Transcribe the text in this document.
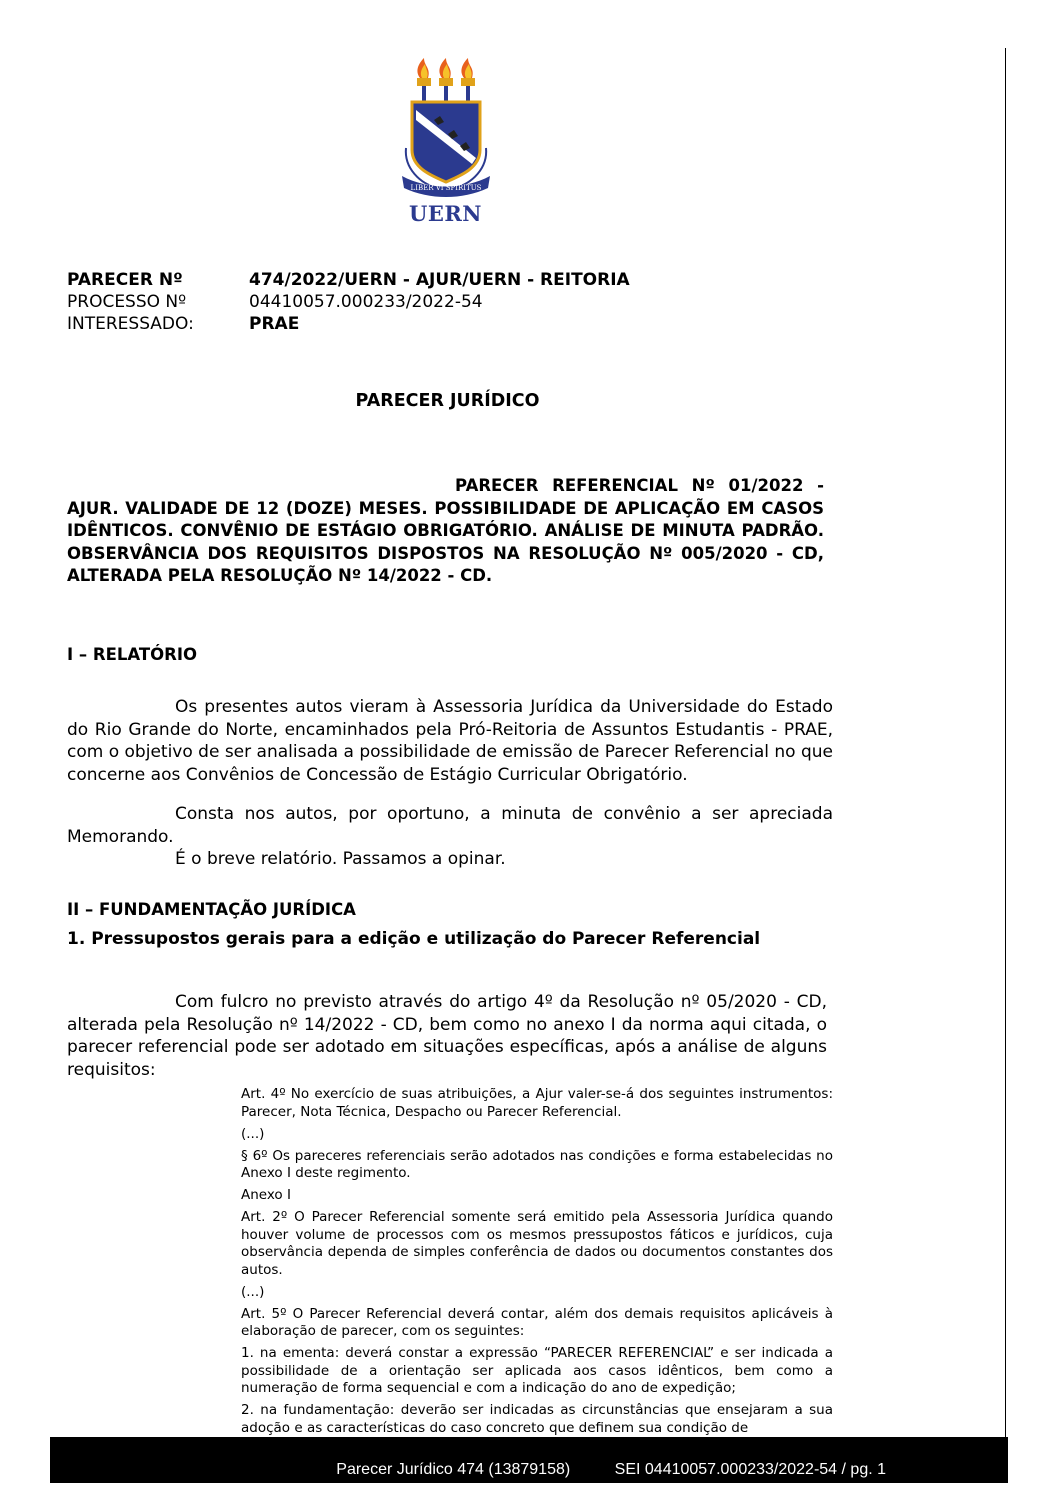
LIBER VI SPIRITUS
UERN
PARECER Nº	474/2022/UERN - AJUR/UERN - REITORIA
PROCESSO Nº	04410057.000233/2022-54
INTERESSADO:	PRAE
PARECER JURÍDICO
PARECER REFERENCIAL Nº 01/2022 - AJUR. VALIDADE DE 12 (DOZE) MESES. POSSIBILIDADE DE APLICAÇÃO EM CASOS IDÊNTICOS. CONVÊNIO DE ESTÁGIO OBRIGATÓRIO. ANÁLISE DE MINUTA PADRÃO. OBSERVÂNCIA DOS REQUISITOS DISPOSTOS NA RESOLUÇÃO Nº 005/2020 - CD, ALTERADA PELA RESOLUÇÃO Nº 14/2022 - CD.
I – RELATÓRIO

Os presentes autos vieram à Assessoria Jurídica da Universidade do Estado do Rio Grande do Norte, encaminhados pela Pró-Reitoria de Assuntos Estudantis - PRAE, com o objetivo de ser analisada a possibilidade de emissão de Parecer Referencial no que concerne aos Convênios de Concessão de Estágio Curricular Obrigatório.

Consta nos autos, por oportuno, a minuta de convênio a ser apreciada Memorando.

É o breve relatório. Passamos a opinar.

II – FUNDAMENTAÇÃO JURÍDICA
1. Pressupostos gerais para a edição e utilização do Parecer Referencial

Com fulcro no previsto através do artigo 4º da Resolução nº 05/2020 - CD, alterada pela Resolução nº 14/2022 - CD, bem como no anexo I da norma aqui citada, o parecer referencial pode ser adotado em situações específicas, após a análise de alguns requisitos:

Art. 4º No exercício de suas atribuições, a Ajur valer-se-á dos seguintes instrumentos: Parecer, Nota Técnica, Despacho ou Parecer Referencial.

(...)

§ 6º Os pareceres referenciais serão adotados nas condições e forma estabelecidas no Anexo I deste regimento.

Anexo I

Art. 2º O Parecer Referencial somente será emitido pela Assessoria Jurídica quando houver volume de processos com os mesmos pressupostos fáticos e jurídicos, cuja observância dependa de simples conferência de dados ou documentos constantes dos autos.

(...)

Art. 5º O Parecer Referencial deverá contar, além dos demais requisitos aplicáveis à elaboração de parecer, com os seguintes:

1. na ementa: deverá constar a expressão “PARECER REFERENCIAL” e ser indicada a possibilidade de a orientação ser aplicada aos casos idênticos, bem como a numeração de forma sequencial e com a indicação do ano de expedição;

2. na fundamentação: deverão ser indicadas as circunstâncias que ensejaram a sua adoção e as características do caso concreto que definem sua condição de

Parecer Jurídico 474 (13879158)          SEI 04410057.000233/2022-54 / pg. 1
